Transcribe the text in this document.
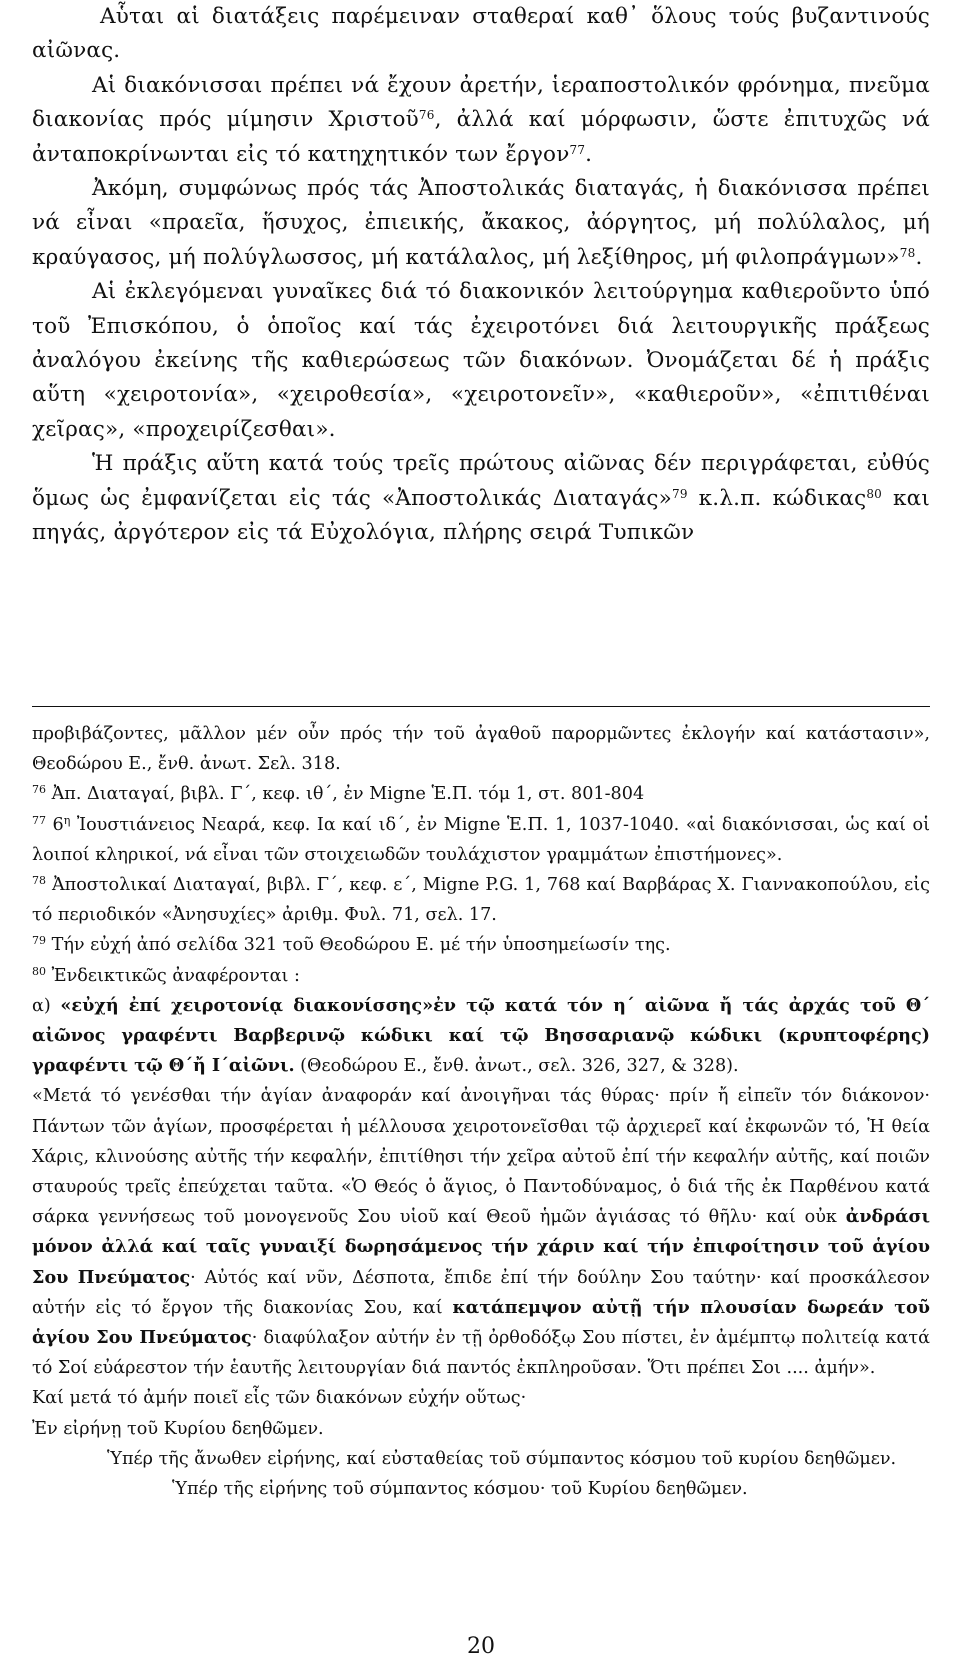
Αὗται αἱ διατάξεις παρέμειναν σταθεραί καθ᾽ ὅλους τούς βυζαντινούς αἰῶνας.

Αἱ διακόνισσαι πρέπει νά ἔχουν ἀρετήν, ἱεραποστολικόν φρόνημα, πνεῦμα διακονίας πρός μίμησιν Χριστοῦ$^{76}$, ἀλλά καί μόρφωσιν, ὥστε ἐπιτυχῶς νά ἀνταποκρίνωνται εἰς τό κατηχητικόν των ἔργον$^{77}$.

Ἀκόμη, συμφώνως πρός τάς Ἀποστολικάς διαταγάς, ἡ διακόνισσα πρέπει νά εἶναι «πραεῖα, ἥσυχος, ἐπιεικής, ἄκακος, ἀόργητος, μή πολύλαλος, μή κραύγασος, μή πολύγλωσσος, μή κατάλαλος, μή λεξίθηρος, μή φιλοπράγμων»$^{78}$.

Αἱ ἐκλεγόμεναι γυναῖκες διά τό διακονικόν λειτούργημα καθιεροῦντο ὑπό τοῦ Ἐπισκόπου, ὁ ὁποῖος καί τάς ἐχειροτόνει διά λειτουργικῆς πράξεως ἀναλόγου ἐκείνης τῆς καθιερώσεως τῶν διακόνων. Ὀνομάζεται δέ ἡ πράξις αὕτη «χειροτονία», «χειροθεσία», «χειροτονεῖν», «καθιεροῦν», «ἐπιτιθέναι χεῖρας», «προχειρίζεσθαι».

Ἡ πράξις αὕτη κατά τούς τρεῖς πρώτους αἰῶνας δέν περιγράφεται, εὐθύς ὅμως ὡς ἐμφανίζεται εἰς τάς «Ἀποστολικάς Διαταγάς»$^{79}$ κ.λ.π. κώδικας$^{80}$ και πηγάς, ἀργότερον εἰς τά Εὐχολόγια, πλήρης σειρά Τυπικῶν

προβιβάζοντες, μᾶλλον μέν οὖν πρός τήν τοῦ ἀγαθοῦ παρορμῶντες ἐκλογήν καί κατάστασιν», Θεοδώρου Ε., ἔνθ. ἀνωτ. Σελ. 318.

$^{76}$ Ἀπ. Διαταγαί, βιβλ. Γ΄, κεφ. ιθ΄, ἐν Migne Ἑ.Π. τόμ 1, στ. 801-804

$^{77}$ 6$^\eta$ Ἰουστιάνειος Νεαρά, κεφ. Ια καί ιδ΄, ἐν Migne Ἑ.Π. 1, 1037-1040. «αἱ διακόνισσαι, ὡς καί οἱ λοιποί κληρικοί, νά εἶναι τῶν στοιχειωδῶν τουλάχιστον γραμμάτων ἐπιστήμονες».

$^{78}$ Ἀποστολικαί Διαταγαί, βιβλ. Γ΄, κεφ. ε΄, Migne P.G. 1, 768 καί Βαρβάρας Χ. Γιαννακοπούλου, εἰς τό περιοδικόν «Ἀνησυχίες» ἀριθμ. Φυλ. 71, σελ. 17.

$^{79}$ Τήν εὐχή ἀπό σελίδα 321 τοῦ Θεοδώρου Ε. μέ τήν ὑποσημείωσίν της.

$^{80}$ Ἐνδεικτικῶς ἀναφέρονται :

α) «εὐχή ἐπί χειροτονίᾳ διακονίσσης»ἐν τῷ κατά τόν η΄ αἰῶνα ἤ τάς ἀρχάς τοῦ Θ΄ αἰῶνος γραφέντι Βαρβερινῷ κώδικι καί τῷ Βησσαριανῷ κώδικι (κρυπτοφέρης) γραφέντι τῷ Θ΄ἤ Ι΄αἰῶνι. (Θεοδώρου Ε., ἔνθ. ἀνωτ., σελ. 326, 327, & 328).

«Μετά τό γενέσθαι τήν ἁγίαν ἀναφοράν καί ἀνοιγῆναι τάς θύρας· πρίν ἤ εἰπεῖν τόν διάκονον· Πάντων τῶν ἁγίων, προσφέρεται ἡ μέλλουσα χειροτονεῖσθαι τῷ ἀρχιερεῖ καί ἐκφωνῶν τό, Ἡ θεία Χάρις, κλινούσης αὐτῆς τήν κεφαλήν, ἐπιτίθησι τήν χεῖρα αὐτοῦ ἐπί τήν κεφαλήν αὐτῆς, καί ποιῶν σταυρούς τρεῖς ἐπεύχεται ταῦτα. «Ὁ Θεός ὁ ἅγιος, ὁ Παντοδύναμος, ὁ διά τῆς ἐκ Παρθένου κατά σάρκα γεννήσεως τοῦ μονογενοῦς Σου υἱοῦ καί Θεοῦ ἡμῶν ἁγιάσας τό θῆλυ· καί οὐκ ἀνδράσι μόνον ἀλλά καί ταῖς γυναιξί δωρησάμενος τήν χάριν καί τήν ἐπιφοίτησιν τοῦ ἁγίου Σου Πνεύματος· Αὐτός καί νῦν, Δέσποτα, ἔπιδε ἐπί τήν δούλην Σου ταύτην· καί προσκάλεσον αὐτήν εἰς τό ἔργον τῆς διακονίας Σου, καί κατάπεμψον αὐτῇ τήν πλουσίαν δωρεάν τοῦ ἁγίου Σου Πνεύματος· διαφύλαξον αὐτήν ἐν τῇ ὀρθοδόξῳ Σου πίστει, ἐν ἀμέμπτῳ πολιτείᾳ κατά τό Σοί εὐάρεστον τήν ἑαυτῆς λειτουργίαν διά παντός ἐκπληροῦσαν. Ὅτι πρέπει Σοι .... ἀμήν».

Καί μετά τό ἀμήν ποιεῖ εἷς τῶν διακόνων εὐχήν οὕτως·

Ἐν εἰρήνῃ τοῦ Κυρίου δεηθῶμεν.

Ὑπέρ τῆς ἄνωθεν εἰρήνης, καί εὐσταθείας τοῦ σύμπαντος κόσμου τοῦ κυρίου δεηθῶμεν.

Ὑπέρ τῆς εἰρήνης τοῦ σύμπαντος κόσμου· τοῦ Κυρίου δεηθῶμεν.

20
